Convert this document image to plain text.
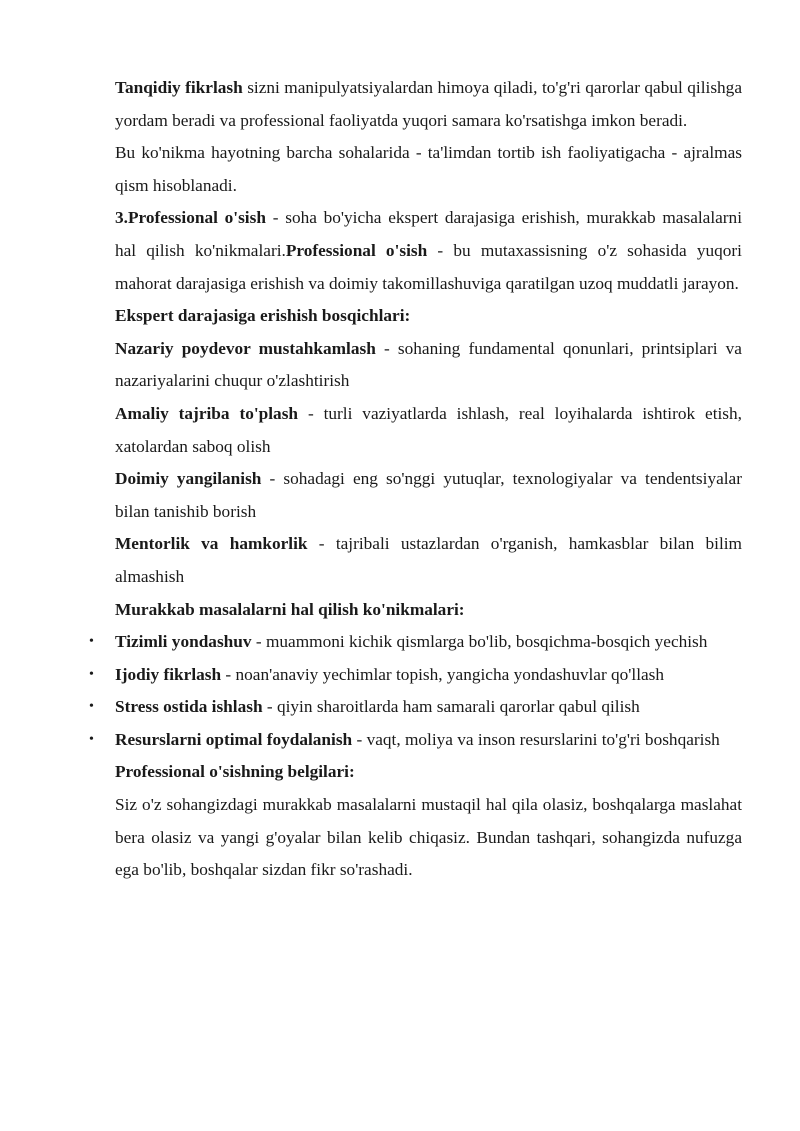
Tanqidiy fikrlash sizni manipulyatsiyalardan himoya qiladi, to'g'ri qarorlar qabul qilishga yordam beradi va professional faoliyatda yuqori samara ko'rsatishga imkon beradi.

Bu ko'nikma hayotning barcha sohalarida - ta'limdan tortib ish faoliyatigacha - ajralmas qism hisoblanadi.

3.Professional o'sish - soha bo'yicha ekspert darajasiga erishish, murakkab masalalarni hal qilish ko'nikmalari.Professional o'sish - bu mutaxassisning o'z sohasida yuqori mahorat darajasiga erishish va doimiy takomillashuviga qaratilgan uzoq muddatli jarayon.

Ekspert darajasiga erishish bosqichlari:

Nazariy poydevor mustahkamlash - sohaning fundamental qonunlari, printsiplari va nazariyalarini chuqur o'zlashtirish

Amaliy tajriba to'plash - turli vaziyatlarda ishlash, real loyihalarda ishtirok etish, xatolardan saboq olish

Doimiy yangilanish - sohadagi eng so'nggi yutuqlar, texnologiyalar va tendentsiyalar bilan tanishib borish

Mentorlik va hamkorlik - tajribali ustazlardan o'rganish, hamkasblar bilan bilim almashish

Murakkab masalalarni hal qilish ko'nikmalari:

• Tizimli yondashuv - muammoni kichik qismlarga bo'lib, bosqichma-bosqich yechish
• Ijodiy fikrlash - noan'anaviy yechimlar topish, yangicha yondashuvlar qo'llash
• Stress ostida ishlash - qiyin sharoitlarda ham samarali qarorlar qabul qilish
• Resurslarni optimal foydalanish - vaqt, moliya va inson resurslarini to'g'ri boshqarish

Professional o'sishning belgilari:

Siz o'z sohangizdagi murakkab masalalarni mustaqil hal qila olasiz, boshqalarga maslahat bera olasiz va yangi g'oyalar bilan kelib chiqasiz. Bundan tashqari, sohangizda nufuzga ega bo'lib, boshqalar sizdan fikr so'rashadi.
